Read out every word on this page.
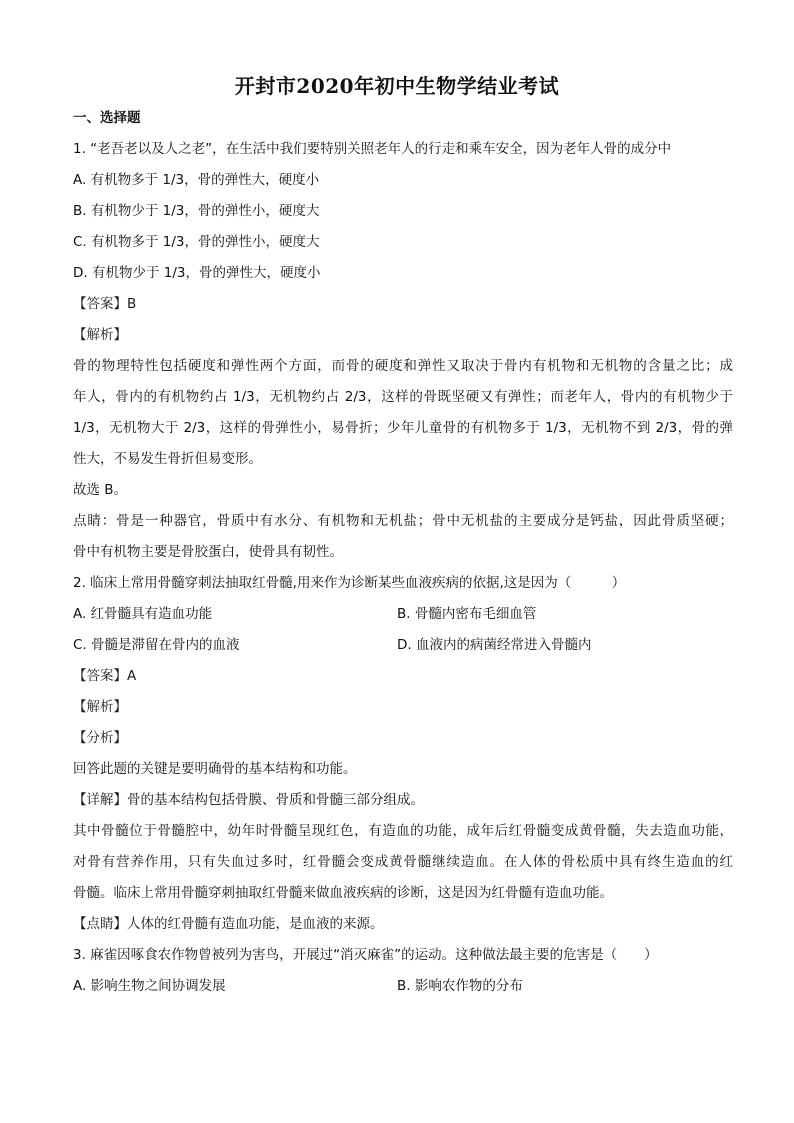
开封市2020年初中生物学结业考试
一、选择题
1. “老吾老以及人之老”，在生活中我们要特别关照老年人的行走和乘车安全，因为老年人骨的成分中
A. 有机物多于 1/3，骨的弹性大，硬度小
B. 有机物少于 1/3，骨的弹性小，硬度大
C. 有机物多于 1/3，骨的弹性小，硬度大
D. 有机物少于 1/3，骨的弹性大，硬度小
【答案】B
【解析】
骨的物理特性包括硬度和弹性两个方面，而骨的硬度和弹性又取决于骨内有机物和无机物的含量之比；成
年人，骨内的有机物约占 1/3，无机物约占 2/3，这样的骨既坚硬又有弹性；而老年人，骨内的有机物少于
1/3，无机物大于 2/3，这样的骨弹性小，易骨折；少年儿童骨的有机物多于 1/3，无机物不到 2/3，骨的弹
性大，不易发生骨折但易变形。
故选 B。
点睛：骨是一种器官，骨质中有水分、有机物和无机盐；骨中无机盐的主要成分是钙盐，因此骨质坚硬；
骨中有机物主要是骨胶蛋白，使骨具有韧性。
2. 临床上常用骨髓穿刺法抽取红骨髓,用来作为诊断某些血液疾病的依据,这是因为（　　　）
A. 红骨髓具有造血功能	B. 骨髓内密布毛细血管
C. 骨髓是滞留在骨内的血液	D. 血液内的病菌经常进入骨髓内
【答案】A
【解析】
【分析】
回答此题的关键是要明确骨的基本结构和功能。
【详解】骨的基本结构包括骨膜、骨质和骨髓三部分组成。
其中骨髓位于骨髓腔中，幼年时骨髓呈现红色，有造血的功能，成年后红骨髓变成黄骨髓，失去造血功能，
对骨有营养作用，只有失血过多时，红骨髓会变成黄骨髓继续造血。在人体的骨松质中具有终生造血的红
骨髓。临床上常用骨髓穿刺抽取红骨髓来做血液疾病的诊断，这是因为红骨髓有造血功能。
【点睛】人体的红骨髓有造血功能，是血液的来源。
3. 麻雀因啄食农作物曾被列为害鸟，开展过“消灭麻雀”的运动。这种做法最主要的危害是（　　）
A. 影响生物之间协调发展	B. 影响农作物的分布
